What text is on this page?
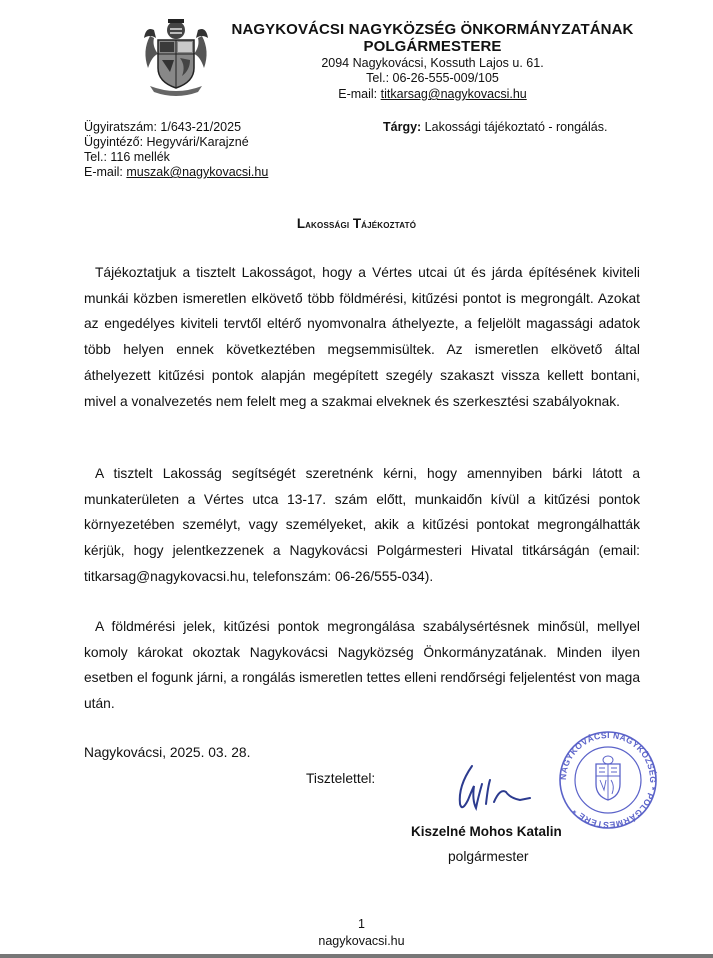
NAGYKOVÁCSI NAGYKÖZSÉG ÖNKORMÁNYZATÁNAK
POLGÁRMESTERE
2094 Nagykovácsi, Kossuth Lajos u. 61.
Tel.: 06-26-555-009/105
E-mail: titkarsag@nagykovacsi.hu
Ügyiratszám: 1/643-21/2025
Ügyintéző: Hegyvári/Karajzné
Tel.: 116 mellék
E-mail: muszak@nagykovacsi.hu
Tárgy: Lakossági tájékoztató - rongálás.
Lakossági Tájékoztató
Tájékoztatjuk a tisztelt Lakosságot, hogy a Vértes utcai út és járda építésének kiviteli munkái közben ismeretlen elkövető több földmérési, kitűzési pontot is megrongált. Azokat az engedélyes kiviteli tervtől eltérő nyomvonalra áthelyezte, a feljelölt magassági adatok több helyen ennek következtében megsemmisültek. Az ismeretlen elkövető által áthelyezett kitűzési pontok alapján megépített szegély szakaszt vissza kellett bontani, mivel a vonalvezetés nem felelt meg a szakmai elveknek és szerkesztési szabályoknak.
A tisztelt Lakosság segítségét szeretnénk kérni, hogy amennyiben bárki látott a munkaterületen a Vértes utca 13-17. szám előtt, munkaidőn kívül a kitűzési pontok környezetében személyt, vagy személyeket, akik a kitűzési pontokat megrongálhatták kérjük, hogy jelentkezzenek a Nagykovácsi Polgármesteri Hivatal titkárságán (email: titkarsag@nagykovacsi.hu, telefonszám: 06-26/555-034).
A földmérési jelek, kitűzési pontok megrongálása szabálysértésnek minősül, mellyel komoly károkat okoztak Nagykovácsi Nagyközség Önkormányzatának. Minden ilyen esetben el fogunk járni, a rongálás ismeretlen tettes elleni rendőrségi feljelentést von maga után.
Nagykovácsi, 2025. 03. 28.
Tisztelettel:	NAGYKOVÁCSI NAGYKÖZSÉG * POLGÁRMESTERE *
Kiszelné Mohos Katalin
polgármester
1
nagykovacsi.hu
